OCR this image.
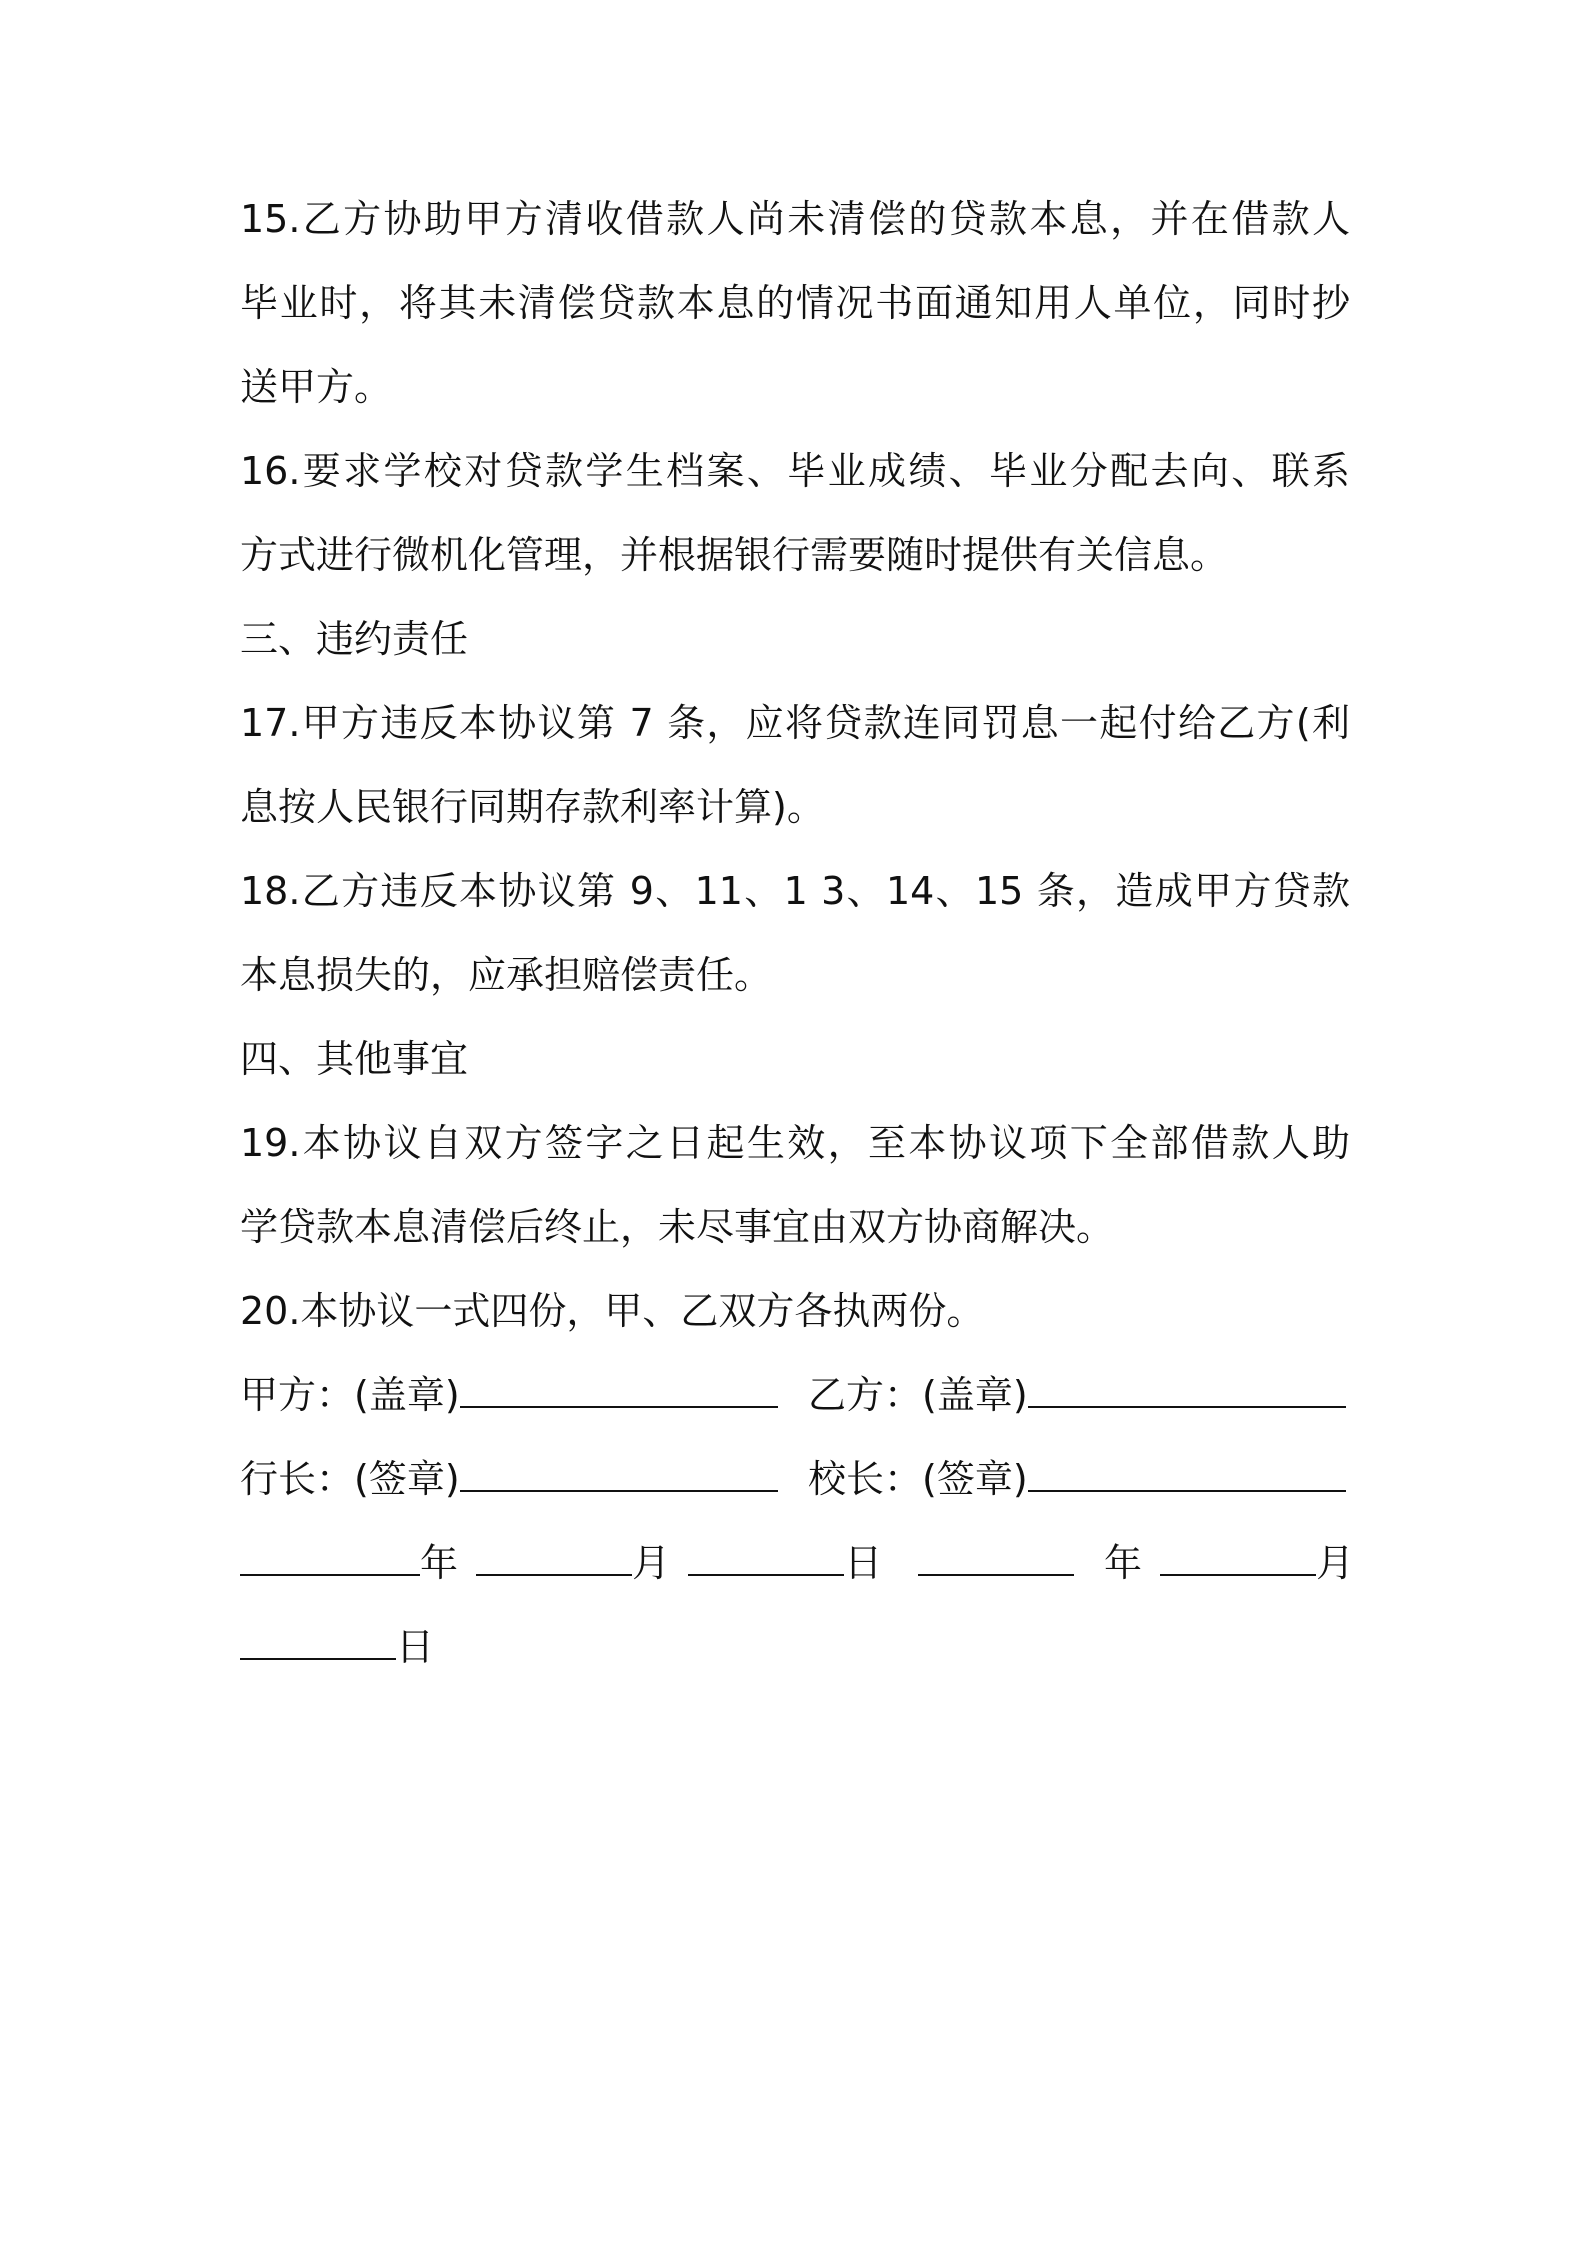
15.乙方协助甲方清收借款人尚未清偿的贷款本息，并在借款人
毕业时，将其未清偿贷款本息的情况书面通知用人单位，同时抄
送甲方。
16.要求学校对贷款学生档案、毕业成绩、毕业分配去向、联系
方式进行微机化管理，并根据银行需要随时提供有关信息。
三、违约责任
17.甲方违反本协议第 7 条，应将贷款连同罚息一起付给乙方(利
息按人民银行同期存款利率计算)。
18.乙方违反本协议第 9、11、1 3、14、15 条，造成甲方贷款
本息损失的，应承担赔偿责任。
四、其他事宜
19.本协议自双方签字之日起生效，至本协议项下全部借款人助
学贷款本息清偿后终止，未尽事宜由双方协商解决。
20.本协议一式四份，甲、乙双方各执两份。
甲方：(盖章)	乙方：(盖章)
行长：(签章)	校长：(签章)
年	月	日	年	月
日
